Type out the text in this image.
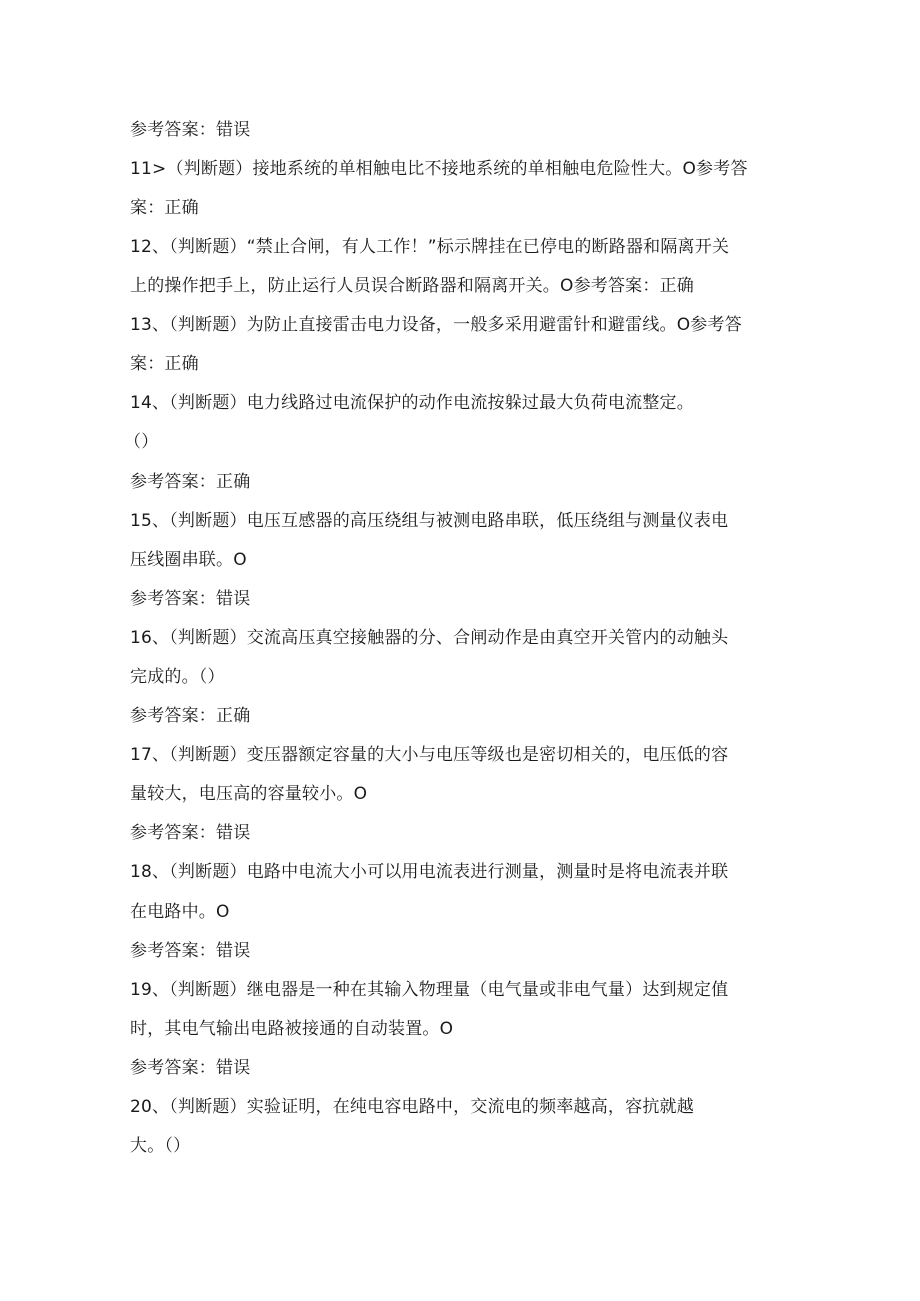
参考答案：错误
11>（判断题）接地系统的单相触电比不接地系统的单相触电危险性大。O参考答
案：正确
12、（判断题）“禁止合闸，有人工作！”标示牌挂在已停电的断路器和隔离开关
上的操作把手上，防止运行人员误合断路器和隔离开关。O参考答案：正确
13、（判断题）为防止直接雷击电力设备，一般多采用避雷针和避雷线。O参考答
案：正确
14、（判断题）电力线路过电流保护的动作电流按躲过最大负荷电流整定。
（）
参考答案：正确
15、（判断题）电压互感器的高压绕组与被测电路串联，低压绕组与测量仪表电
压线圈串联。O
参考答案：错误
16、（判断题）交流高压真空接触器的分、合闸动作是由真空开关管内的动触头
完成的。（）
参考答案：正确
17、（判断题）变压器额定容量的大小与电压等级也是密切相关的，电压低的容
量较大，电压高的容量较小。O
参考答案：错误
18、（判断题）电路中电流大小可以用电流表进行测量，测量时是将电流表并联
在电路中。O
参考答案：错误
19、（判断题）继电器是一种在其输入物理量（电气量或非电气量）达到规定值
时，其电气输出电路被接通的自动装置。O
参考答案：错误
20、（判断题）实验证明，在纯电容电路中，交流电的频率越高，容抗就越
大。（）
